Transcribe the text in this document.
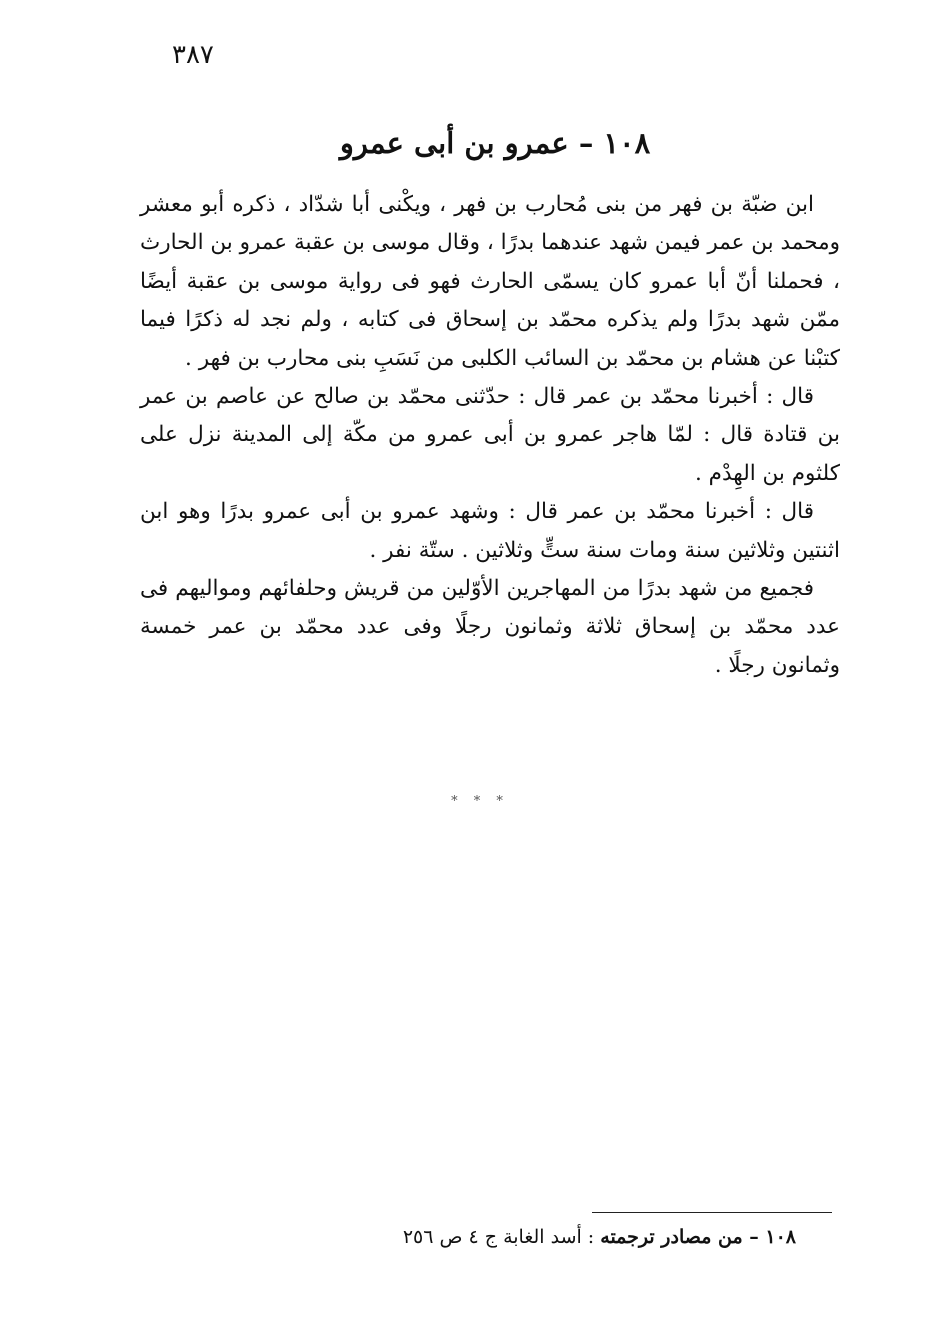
٣٨٧
١٠٨ – عمرو بن أبى عمرو

ابن ضبّة بن فهر من بنى مُحارب بن فهر ، ويكْنى أبا شدّاد ، ذكره أبو معشر ومحمد بن عمر فيمن شهد عندهما بدرًا ، وقال موسى بن عقبة عمرو بن الحارث ، فحملنا أنّ أبا عمرو كان يسمّى الحارث فهو فى رواية موسى بن عقبة أيضًا ممّن شهد بدرًا ولم يذكره محمّد بن إسحاق فى كتابه ، ولم نجد له ذكرًا فيما كتبْنا عن هشام بن محمّد بن السائب الكلبى من نَسَبِ بنى محارب بن فهر .

قال : أخبرنا محمّد بن عمر قال : حدّثنى محمّد بن صالح عن عاصم بن عمر بن قتادة قال : لمّا هاجر عمرو بن أبى عمرو من مكّة إلى المدينة نزل على كلثوم بن الهِدْم .

قال : أخبرنا محمّد بن عمر قال : وشهد عمرو بن أبى عمرو بدرًا وهو ابن اثنتين وثلاثين سنة ومات سنة ستٍّ وثلاثين . ستّة نفر .

فجميع من شهد بدرًا من المهاجرين الأوّلين من قريش وحلفائهم ومواليهم فى عدد محمّد بن إسحاق ثلاثة وثمانون رجلًا وفى عدد محمّد بن عمر خمسة وثمانون رجلًا .

* * *
١٠٨ – من مصادر ترجمته : أسد الغابة ج ٤ ص ٢٥٦
